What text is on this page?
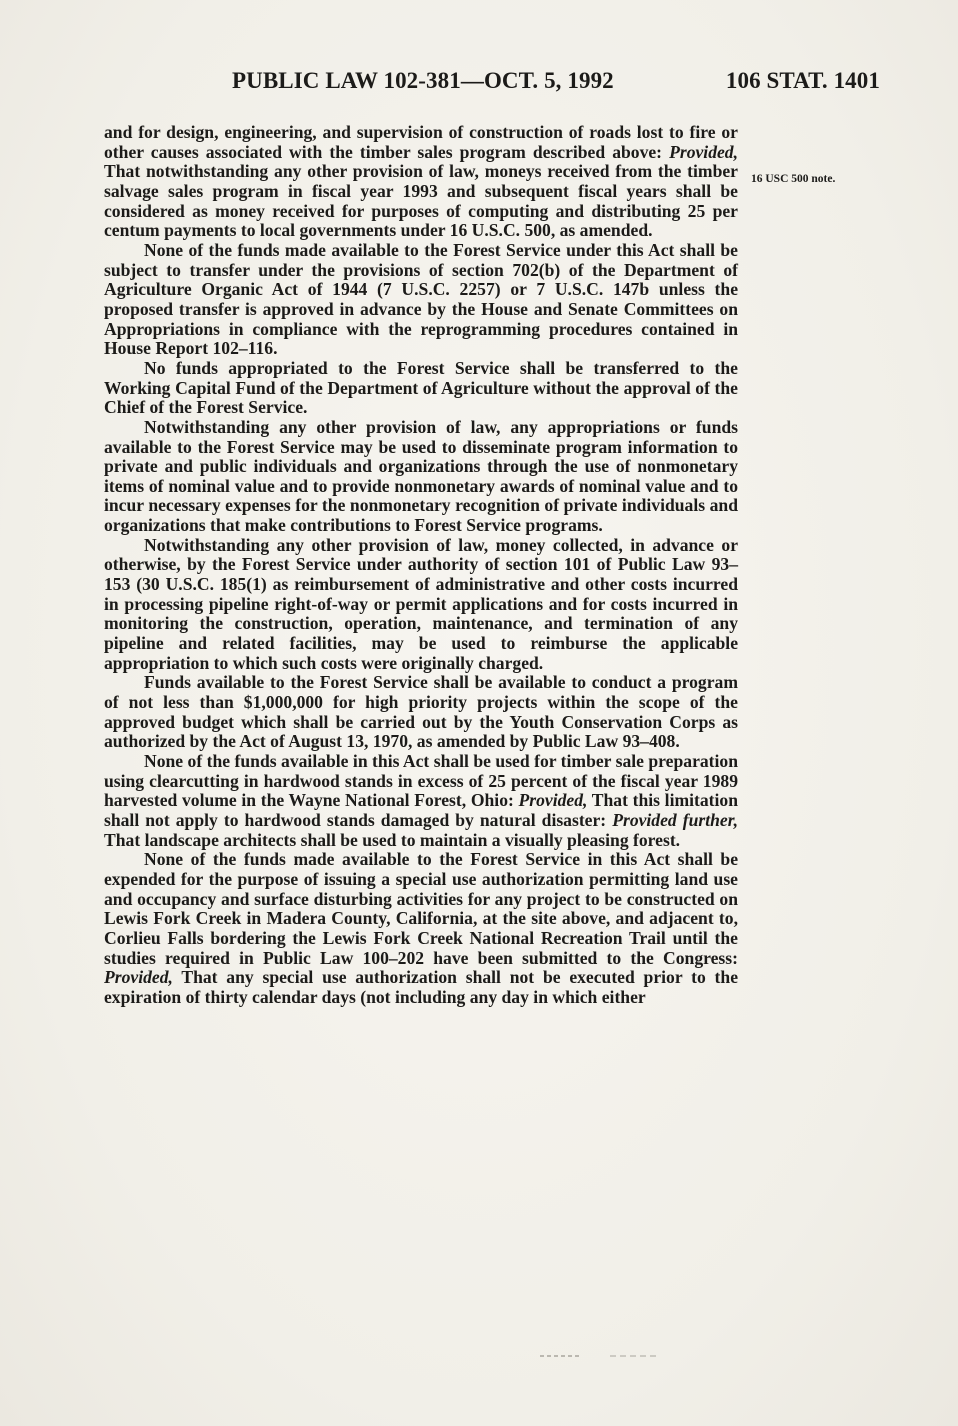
PUBLIC LAW 102-381—OCT. 5, 1992	106 STAT. 1401
16 USC 500 note.

and for design, engineering, and supervision of construction of roads lost to fire or other causes associated with the timber sales program described above: Provided, That notwithstanding any other provision of law, moneys received from the timber salvage sales program in fiscal year 1993 and subsequent fiscal years shall be considered as money received for purposes of computing and distributing 25 per centum payments to local governments under 16 U.S.C. 500, as amended.

None of the funds made available to the Forest Service under this Act shall be subject to transfer under the provisions of section 702(b) of the Department of Agriculture Organic Act of 1944 (7 U.S.C. 2257) or 7 U.S.C. 147b unless the proposed transfer is approved in advance by the House and Senate Committees on Appropriations in compliance with the reprogramming procedures contained in House Report 102–116.

No funds appropriated to the Forest Service shall be transferred to the Working Capital Fund of the Department of Agriculture without the approval of the Chief of the Forest Service.

Notwithstanding any other provision of law, any appropriations or funds available to the Forest Service may be used to disseminate program information to private and public individuals and organizations through the use of nonmonetary items of nominal value and to provide nonmonetary awards of nominal value and to incur necessary expenses for the nonmonetary recognition of private individuals and organizations that make contributions to Forest Service programs.

Notwithstanding any other provision of law, money collected, in advance or otherwise, by the Forest Service under authority of section 101 of Public Law 93–153 (30 U.S.C. 185(1) as reimbursement of administrative and other costs incurred in processing pipeline right-of-way or permit applications and for costs incurred in monitoring the construction, operation, maintenance, and termination of any pipeline and related facilities, may be used to reimburse the applicable appropriation to which such costs were originally charged.

Funds available to the Forest Service shall be available to conduct a program of not less than $1,000,000 for high priority projects within the scope of the approved budget which shall be carried out by the Youth Conservation Corps as authorized by the Act of August 13, 1970, as amended by Public Law 93–408.

None of the funds available in this Act shall be used for timber sale preparation using clearcutting in hardwood stands in excess of 25 percent of the fiscal year 1989 harvested volume in the Wayne National Forest, Ohio: Provided, That this limitation shall not apply to hardwood stands damaged by natural disaster: Provided further, That landscape architects shall be used to maintain a visually pleasing forest.

None of the funds made available to the Forest Service in this Act shall be expended for the purpose of issuing a special use authorization permitting land use and occupancy and surface disturbing activities for any project to be constructed on Lewis Fork Creek in Madera County, California, at the site above, and adjacent to, Corlieu Falls bordering the Lewis Fork Creek National Recreation Trail until the studies required in Public Law 100–202 have been submitted to the Congress: Provided, That any special use authorization shall not be executed prior to the expiration of thirty calendar days (not including any day in which either
